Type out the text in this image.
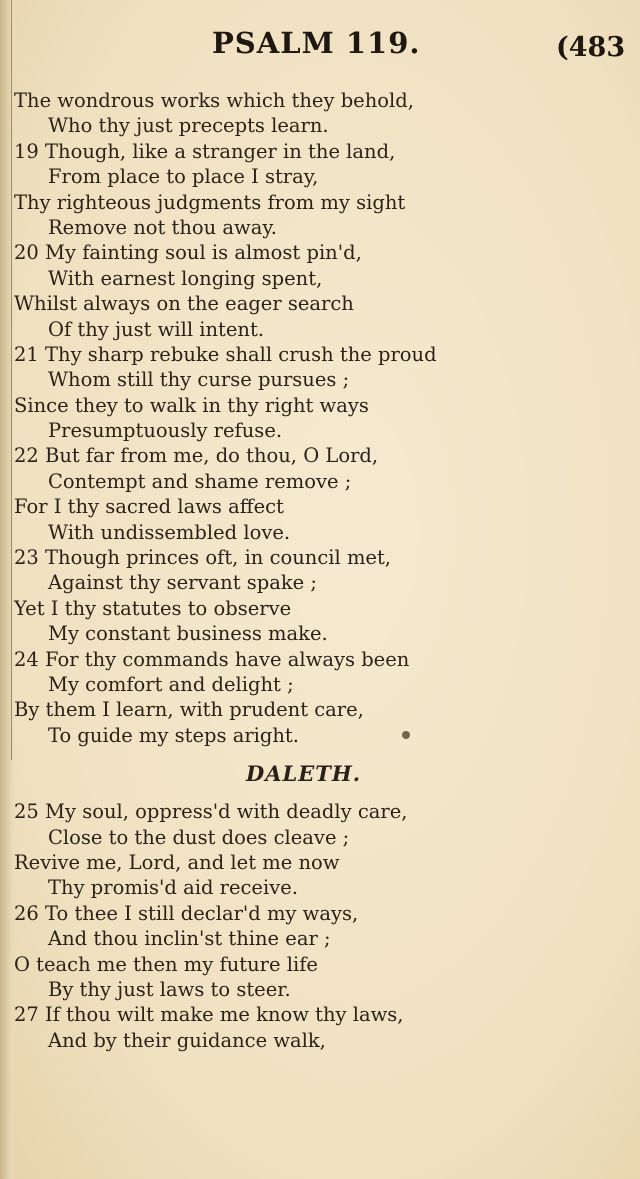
PSALM 119.	(483
The wondrous works which they behold,
Who thy just precepts learn.
19 Though, like a stranger in the land,
From place to place I stray,
Thy righteous judgments from my sight
Remove not thou away.
20 My fainting soul is almost pin'd,
With earnest longing spent,
Whilst always on the eager search
Of thy just will intent.
21 Thy sharp rebuke shall crush the proud
Whom still thy curse pursues ;
Since they to walk in thy right ways
Presumptuously refuse.
22 But far from me, do thou, O Lord,
Contempt and shame remove ;
For I thy sacred laws affect
With undissembled love.
23 Though princes oft, in council met,
Against thy servant spake ;
Yet I thy statutes to observe
My constant business make.
24 For thy commands have always been
My comfort and delight ;
By them I learn, with prudent care,
To guide my steps aright.
DALETH.
25 My soul, oppress'd with deadly care,
Close to the dust does cleave ;
Revive me, Lord, and let me now
Thy promis'd aid receive.
26 To thee I still declar'd my ways,
And thou inclin'st thine ear ;
O teach me then my future life
By thy just laws to steer.
27 If thou wilt make me know thy laws,
And by their guidance walk,
